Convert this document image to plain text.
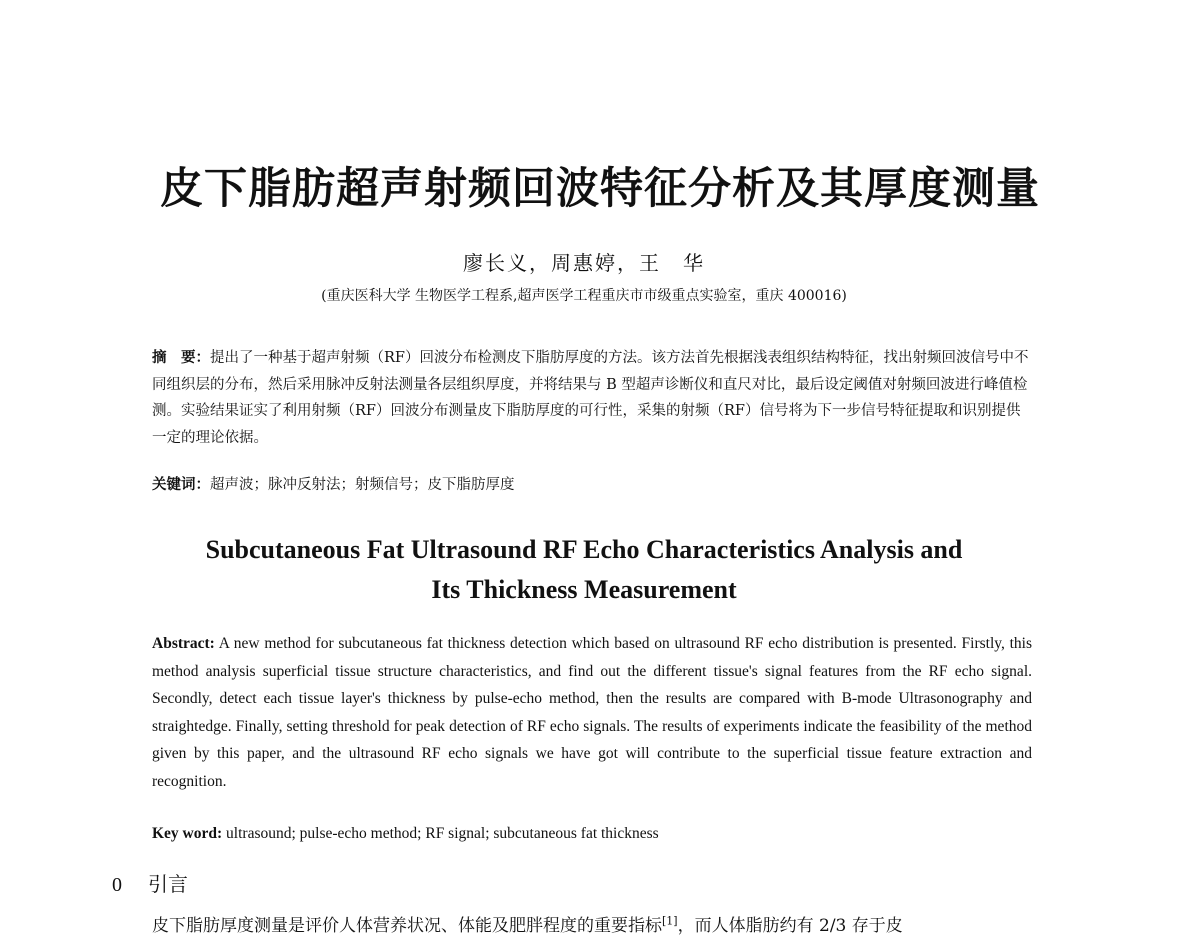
皮下脂肪超声射频回波特征分析及其厚度测量
廖长义，周惠婷，王　华
(重庆医科大学 生物医学工程系,超声医学工程重庆市市级重点实验室，重庆 400016)
摘　要：提出了一种基于超声射频（RF）回波分布检测皮下脂肪厚度的方法。该方法首先根据浅表组织结构特征，找出射频回波信号中不同组织层的分布，然后采用脉冲反射法测量各层组织厚度，并将结果与 B 型超声诊断仪和直尺对比，最后设定阈值对射频回波进行峰值检测。实验结果证实了利用射频（RF）回波分布测量皮下脂肪厚度的可行性，采集的射频（RF）信号将为下一步信号特征提取和识别提供一定的理论依据。
关键词：超声波；脉冲反射法；射频信号；皮下脂肪厚度
Subcutaneous Fat Ultrasound RF Echo Characteristics Analysis and
Its Thickness Measurement
Abstract: A new method for subcutaneous fat thickness detection which based on ultrasound RF echo distribution is presented. Firstly, this method analysis superficial tissue structure characteristics, and find out the different tissue's signal features from the RF echo signal. Secondly, detect each tissue layer's thickness by pulse-echo method, then the results are compared with B-mode Ultrasonography and straightedge. Finally, setting threshold for peak detection of RF echo signals. The results of experiments indicate the feasibility of the method given by this paper, and the ultrasound RF echo signals we have got will contribute to the superficial tissue feature extraction and recognition.
Key word: ultrasound; pulse-echo method; RF signal; subcutaneous fat thickness
0 引言
皮下脂肪厚度测量是评价人体营养状况、体能及肥胖程度的重要指标[1]，而人体脂肪约有 2/3 存于皮
